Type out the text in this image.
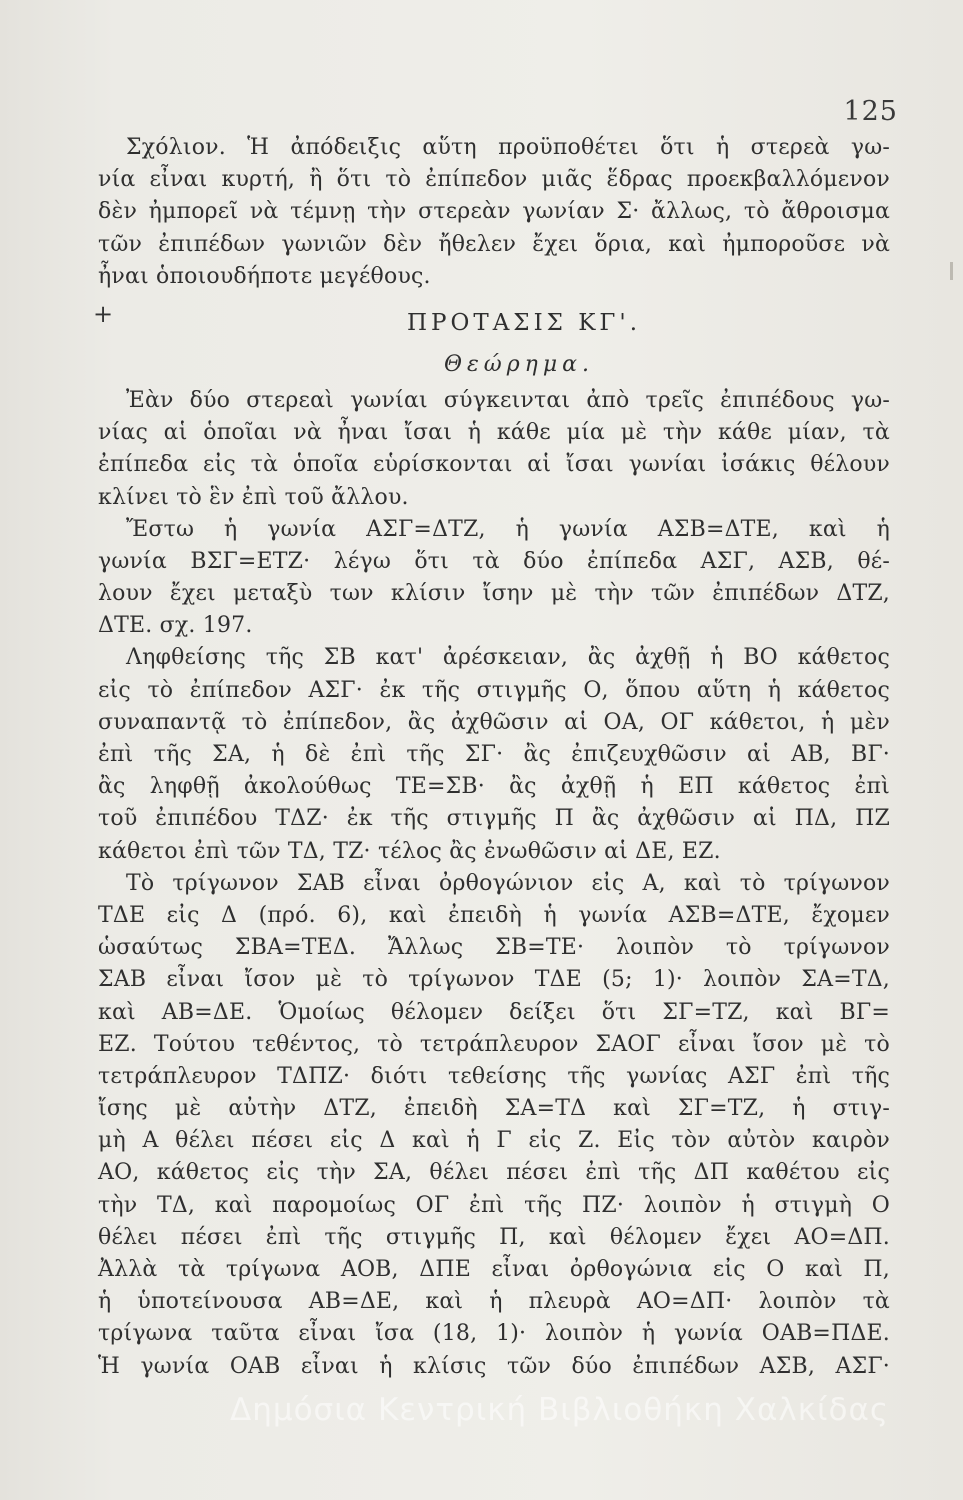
125
+
Σχόλιον. Ἡ ἀπόδειξις αὕτη προϋποθέτει ὅτι ἡ στερεὰ γω-
νία εἶναι κυρτή, ἢ ὅτι τὸ ἐπίπεδον μιᾶς ἕδρας προεκβαλλόμενον
δὲν ἠμπορεῖ νὰ τέμνῃ τὴν στερεὰν γωνίαν Σ· ἄλλως, τὸ ἄθροισμα
τῶν ἐπιπέδων γωνιῶν δὲν ἤθελεν ἔχει ὅρια, καὶ ἠμποροῦσε νὰ
ἦναι ὁποιουδήποτε μεγέθους.
ΠΡΟΤΑΣΙΣ ΚΓ'.
Θεώρημα.
Ἐὰν δύο στερεαὶ γωνίαι σύγκεινται ἀπὸ τρεῖς ἐπιπέδους γω-
νίας αἱ ὁποῖαι νὰ ἦναι ἴσαι ἡ κάθε μία μὲ τὴν κάθε μίαν, τὰ
ἐπίπεδα εἰς τὰ ὁποῖα εὑρίσκονται αἱ ἴσαι γωνίαι ἰσάκις θέλουν
κλίνει τὸ ἓν ἐπὶ τοῦ ἄλλου.
Ἔστω ἡ γωνία ΑΣΓ=ΔΤΖ, ἡ γωνία ΑΣΒ=ΔΤΕ, καὶ ἡ
γωνία ΒΣΓ=ΕΤΖ· λέγω ὅτι τὰ δύο ἐπίπεδα ΑΣΓ, ΑΣΒ, θέ-
λουν ἔχει μεταξὺ των κλίσιν ἴσην μὲ τὴν τῶν ἐπιπέδων ΔΤΖ,
ΔΤΕ. σχ. 197.
Ληφθείσης τῆς ΣΒ κατ' ἀρέσκειαν, ἂς ἀχθῇ ἡ ΒΟ κάθετος
εἰς τὸ ἐπίπεδον ΑΣΓ· ἐκ τῆς στιγμῆς Ο, ὅπου αὕτη ἡ κάθετος
συναπαντᾷ τὸ ἐπίπεδον, ἂς ἀχθῶσιν αἱ ΟΑ, ΟΓ κάθετοι, ἡ μὲν
ἐπὶ τῆς ΣΑ, ἡ δὲ ἐπὶ τῆς ΣΓ· ἂς ἐπιζευχθῶσιν αἱ ΑΒ, ΒΓ·
ἂς ληφθῇ ἀκολούθως ΤΕ=ΣΒ· ἂς ἀχθῇ ἡ ΕΠ κάθετος ἐπὶ
τοῦ ἐπιπέδου ΤΔΖ· ἐκ τῆς στιγμῆς Π ἂς ἀχθῶσιν αἱ ΠΔ, ΠΖ
κάθετοι ἐπὶ τῶν ΤΔ, ΤΖ· τέλος ἂς ἐνωθῶσιν αἱ ΔΕ, ΕΖ.
Τὸ τρίγωνον ΣΑΒ εἶναι ὀρθογώνιον εἰς Α, καὶ τὸ τρίγωνον
ΤΔΕ εἰς Δ (πρό. 6), καὶ ἐπειδὴ ἡ γωνία ΑΣΒ=ΔΤΕ, ἔχομεν
ὡσαύτως ΣΒΑ=ΤΕΔ. Ἄλλως ΣΒ=ΤΕ· λοιπὸν τὸ τρίγωνον
ΣΑΒ εἶναι ἴσον μὲ τὸ τρίγωνον ΤΔΕ (5; 1)· λοιπὸν ΣΑ=ΤΔ,
καὶ ΑΒ=ΔΕ. Ὁμοίως θέλομεν δείξει ὅτι ΣΓ=ΤΖ, καὶ ΒΓ=
ΕΖ. Τούτου τεθέντος, τὸ τετράπλευρον ΣΑΟΓ εἶναι ἴσον μὲ τὸ
τετράπλευρον ΤΔΠΖ· διότι τεθείσης τῆς γωνίας ΑΣΓ ἐπὶ τῆς
ἴσης μὲ αὐτὴν ΔΤΖ, ἐπειδὴ ΣΑ=ΤΔ καὶ ΣΓ=ΤΖ, ἡ στιγ-
μὴ Α θέλει πέσει εἰς Δ καὶ ἡ Γ εἰς Ζ. Εἰς τὸν αὐτὸν καιρὸν
ΑΟ, κάθετος εἰς τὴν ΣΑ, θέλει πέσει ἐπὶ τῆς ΔΠ καθέτου εἰς
τὴν ΤΔ, καὶ παρομοίως ΟΓ ἐπὶ τῆς ΠΖ· λοιπὸν ἡ στιγμὴ Ο
θέλει πέσει ἐπὶ τῆς στιγμῆς Π, καὶ θέλομεν ἔχει ΑΟ=ΔΠ.
Ἀλλὰ τὰ τρίγωνα ΑΟΒ, ΔΠΕ εἶναι ὀρθογώνια εἰς Ο καὶ Π,
ἡ ὑποτείνουσα ΑΒ=ΔΕ, καὶ ἡ πλευρὰ ΑΟ=ΔΠ· λοιπὸν τὰ
τρίγωνα ταῦτα εἶναι ἴσα (18, 1)· λοιπὸν ἡ γωνία ΟΑΒ=ΠΔΕ.
Ἡ γωνία ΟΑΒ εἶναι ἡ κλίσις τῶν δύο ἐπιπέδων ΑΣΒ, ΑΣΓ·
Δημόσια Κεντρική Βιβλιοθήκη Χαλκίδας
